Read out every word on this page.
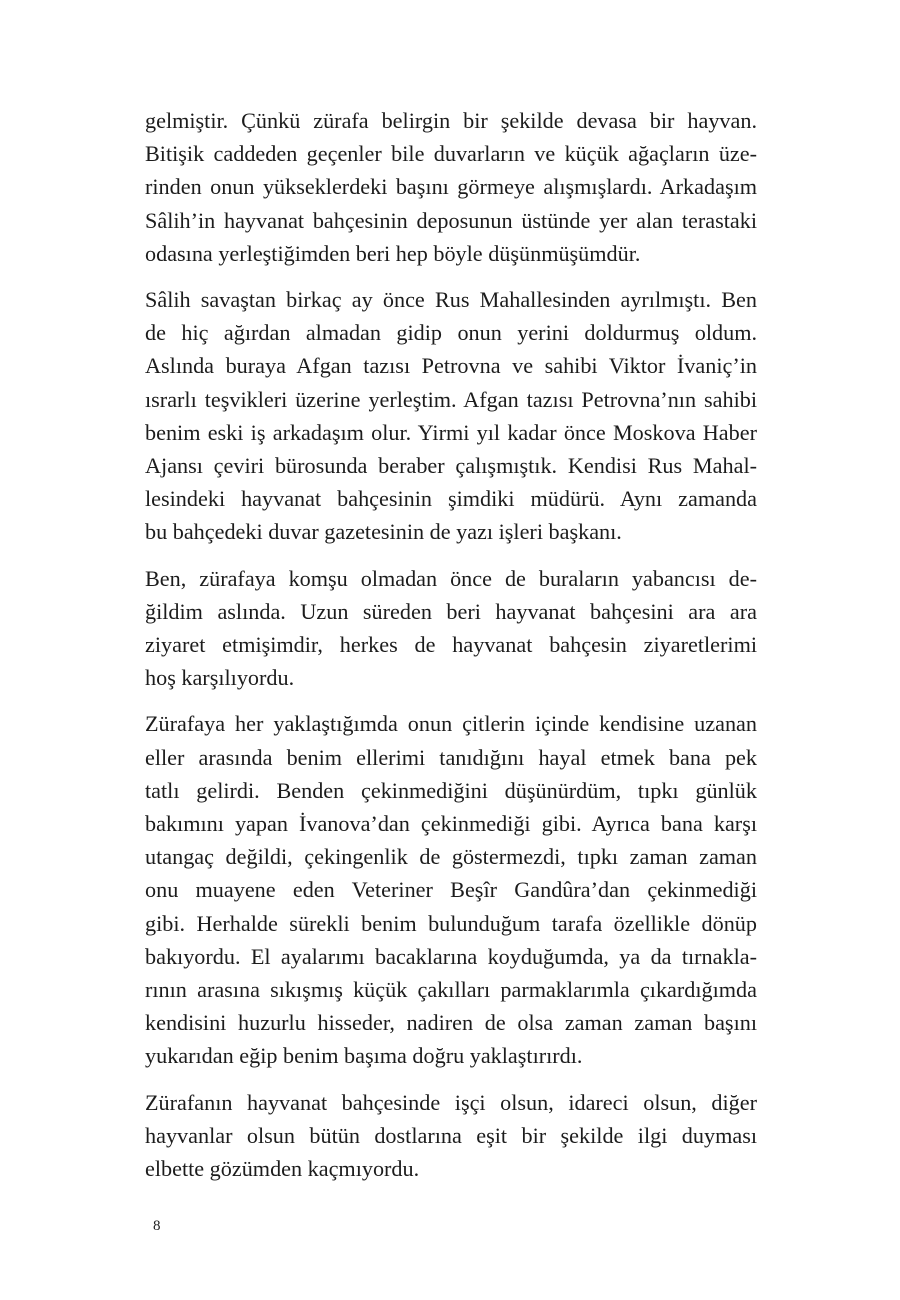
gelmiştir. Çünkü zürafa belirgin bir şekilde devasa bir hayvan.
Bitişik caddeden geçenler bile duvarların ve küçük ağaçların üze-
rinden onun yükseklerdeki başını görmeye alışmışlardı. Arkadaşım
Sâlih’in hayvanat bahçesinin deposunun üstünde yer alan terastaki
odasına yerleştiğimden beri hep böyle düşünmüşümdür.

Sâlih savaştan birkaç ay önce Rus Mahallesinden ayrılmıştı. Ben
de hiç ağırdan almadan gidip onun yerini doldurmuş oldum.
Aslında buraya Afgan tazısı Petrovna ve sahibi Viktor İvaniç’in
ısrarlı teşvikleri üzerine yerleştim. Afgan tazısı Petrovna’nın sahibi
benim eski iş arkadaşım olur. Yirmi yıl kadar önce Moskova Haber
Ajansı çeviri bürosunda beraber çalışmıştık. Kendisi Rus Mahal-
lesindeki hayvanat bahçesinin şimdiki müdürü. Aynı zamanda
bu bahçedeki duvar gazetesinin de yazı işleri başkanı.

Ben, zürafaya komşu olmadan önce de buraların yabancısı de-
ğildim aslında. Uzun süreden beri hayvanat bahçesini ara ara
ziyaret etmişimdir, herkes de hayvanat bahçesin ziyaretlerimi
hoş karşılıyordu.

Zürafaya her yaklaştığımda onun çitlerin içinde kendisine uzanan
eller arasında benim ellerimi tanıdığını hayal etmek bana pek
tatlı gelirdi. Benden çekinmediğini düşünürdüm, tıpkı günlük
bakımını yapan İvanova’dan çekinmediği gibi. Ayrıca bana karşı
utangaç değildi, çekingenlik de göstermezdi, tıpkı zaman zaman
onu muayene eden Veteriner Beşîr Gandûra’dan çekinmediği
gibi. Herhalde sürekli benim bulunduğum tarafa özellikle dönüp
bakıyordu. El ayalarımı bacaklarına koyduğumda, ya da tırnakla-
rının arasına sıkışmış küçük çakılları parmaklarımla çıkardığımda
kendisini huzurlu hisseder, nadiren de olsa zaman zaman başını
yukarıdan eğip benim başıma doğru yaklaştırırdı.

Zürafanın hayvanat bahçesinde işçi olsun, idareci olsun, diğer
hayvanlar olsun bütün dostlarına eşit bir şekilde ilgi duyması
elbette gözümden kaçmıyordu.

8
